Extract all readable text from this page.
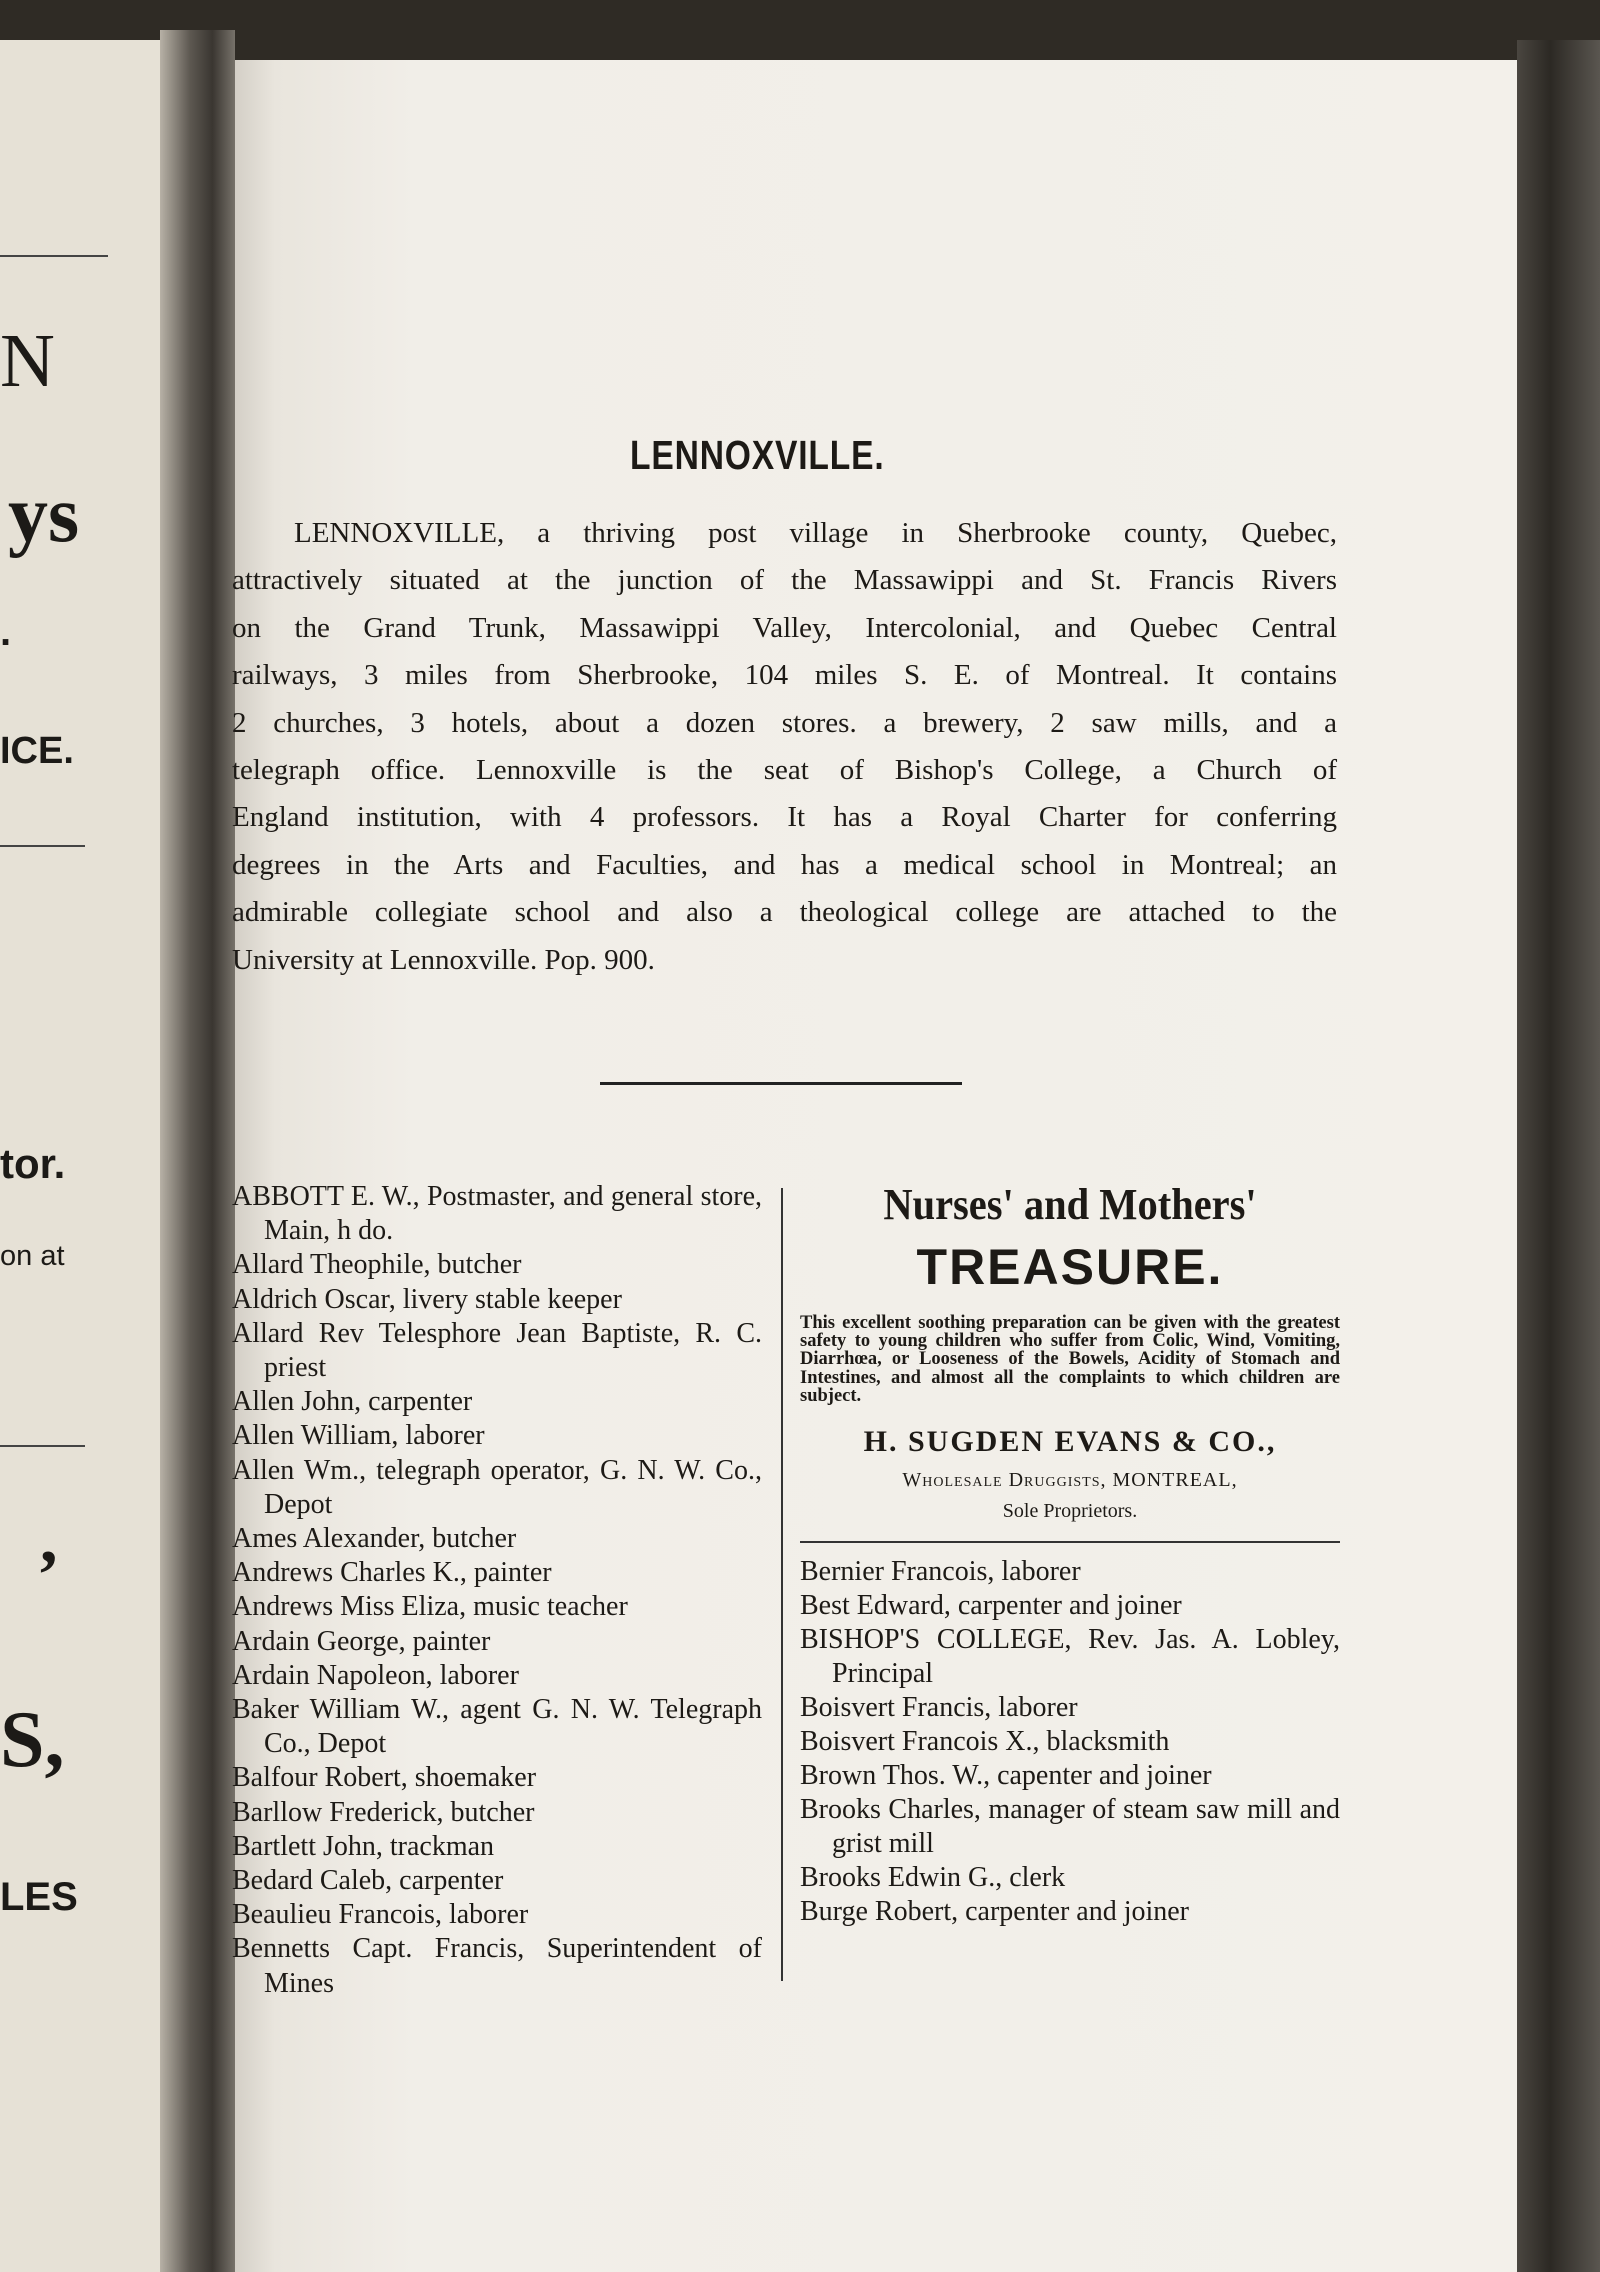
N
ys
.
ICE.
tor.
on at
,
S,
LES
LENNOXVILLE.
LENNOXVILLE, a thriving post village in Sherbrooke county, Quebec,
attractively situated at the junction of the Massawippi and St. Francis Rivers
on the Grand Trunk, Massawippi Valley, Intercolonial, and Quebec Central
railways, 3 miles from Sherbrooke, 104 miles S. E. of Montreal. It contains
2 churches, 3 hotels, about a dozen stores. a brewery, 2 saw mills, and a
telegraph office. Lennoxville is the seat of Bishop's College, a Church of
England institution, with 4 professors. It has a Royal Charter for conferring
degrees in the Arts and Faculties, and has a medical school in Montreal; an
admirable collegiate school and also a theological college are attached to the
University at Lennoxville. Pop. 900.
ABBOTT E. W., Postmaster, and general store, Main, h do.
Allard Theophile, butcher
Aldrich Oscar, livery stable keeper
Allard Rev Telesphore Jean Baptiste, R. C. priest
Allen John, carpenter
Allen William, laborer
Allen Wm., telegraph operator, G. N. W. Co., Depot
Ames Alexander, butcher
Andrews Charles K., painter
Andrews Miss Eliza, music teacher
Ardain George, painter
Ardain Napoleon, laborer
Baker William W., agent G. N. W. Telegraph Co., Depot
Balfour Robert, shoemaker
Barllow Frederick, butcher
Bartlett John, trackman
Bedard Caleb, carpenter
Beaulieu Francois, laborer
Bennetts Capt. Francis, Superintendent of Mines
Nurses' and Mothers'
TREASURE.
This excellent soothing preparation can be given with the greatest safety to young children who suffer from Colic, Wind, Vomiting, Diarrhœa, or Looseness of the Bowels, Acidity of Stomach and Intestines, and almost all the complaints to which children are subject.
H. SUGDEN EVANS & CO.,
Wholesale Druggists, MONTREAL,
Sole Proprietors.
Bernier Francois, laborer
Best Edward, carpenter and joiner
BISHOP'S COLLEGE, Rev. Jas. A. Lobley, Principal
Boisvert Francis, laborer
Boisvert Francois X., blacksmith
Brown Thos. W., capenter and joiner
Brooks Charles, manager of steam saw mill and grist mill
Brooks Edwin G., clerk
Burge Robert, carpenter and joiner
